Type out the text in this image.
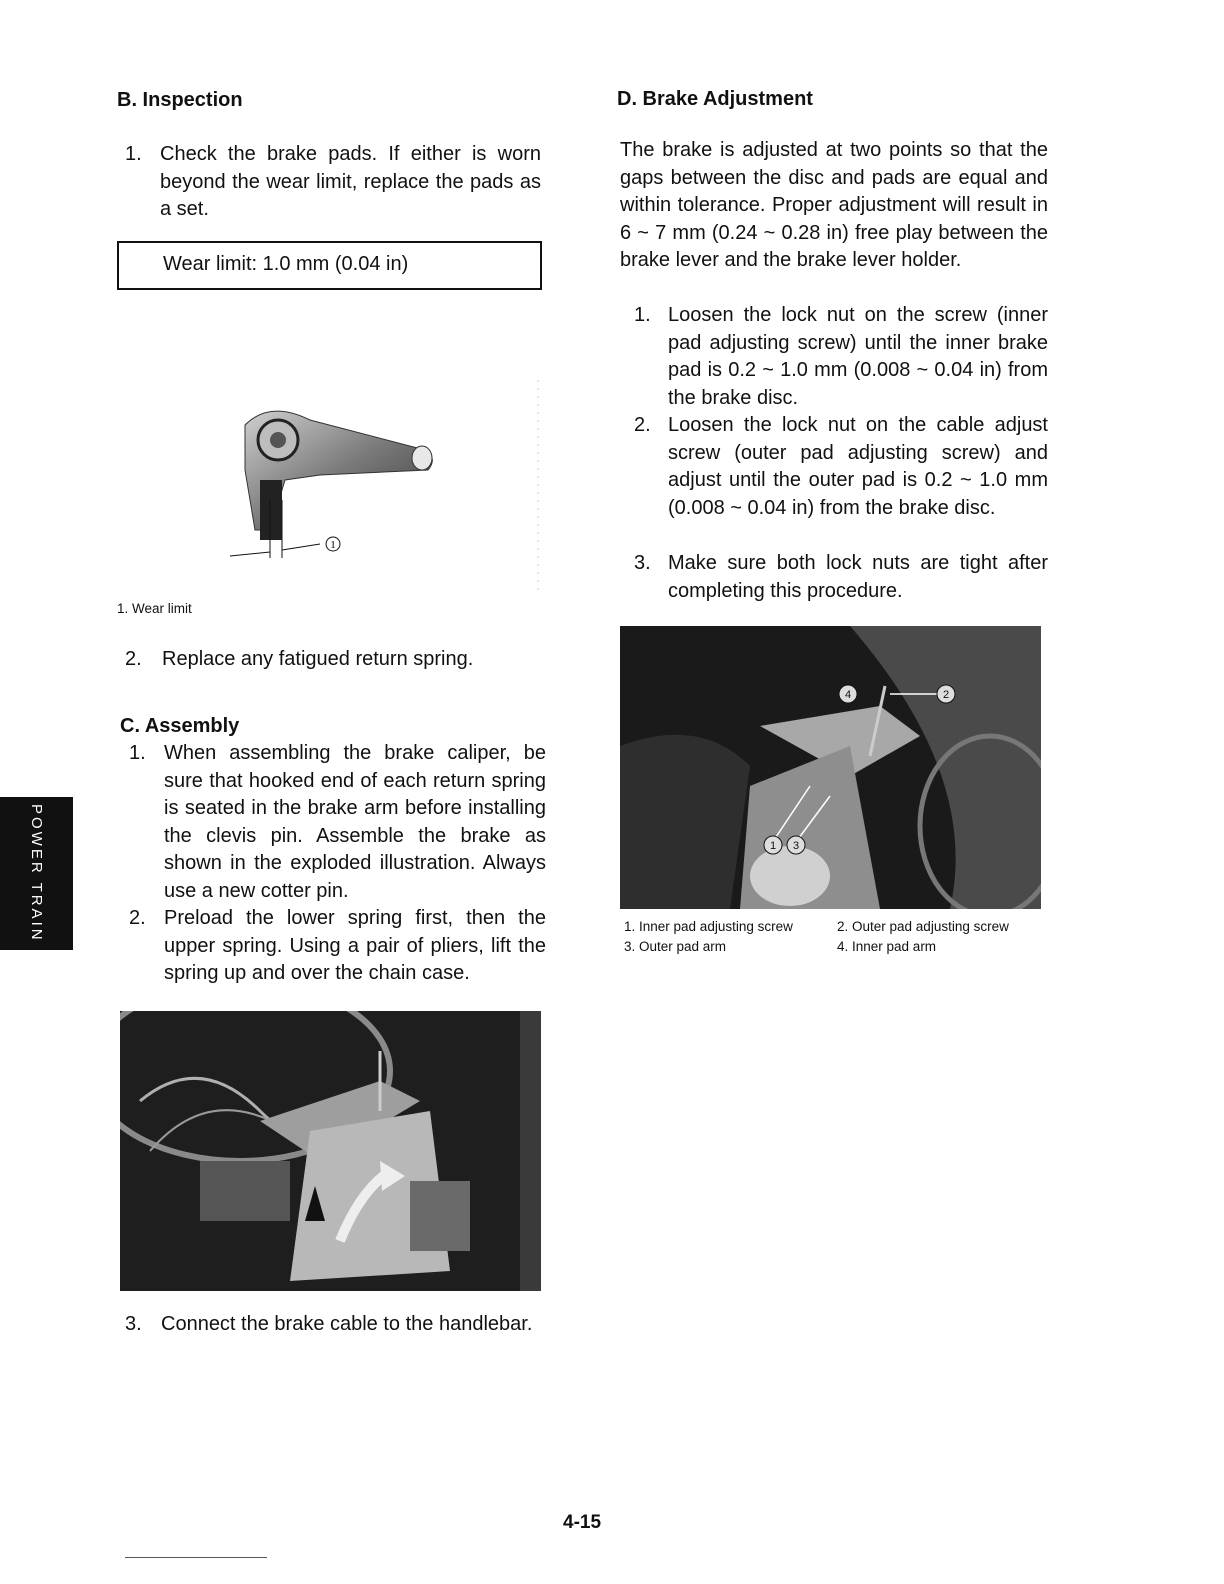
POWER TRAIN
B. Inspection
1. Check the brake pads. If either is worn beyond the wear limit, replace the pads as a set.
Wear limit: 1.0 mm (0.04 in)
1
1. Wear limit
2. Replace any fatigued return spring.
C. Assembly
1. When assembling the brake caliper, be sure that hooked end of each return spring is seated in the brake arm before installing the clevis pin. Assemble the brake as shown in the exploded illustration. Always use a new cotter pin.
2. Preload the lower spring first, then the upper spring. Using a pair of pliers, lift the spring up and over the chain case.
3. Connect the brake cable to the handlebar.
D. Brake Adjustment
The brake is adjusted at two points so that the gaps between the disc and pads are equal and within tolerance. Proper adjustment will result in 6 ~ 7 mm (0.24 ~ 0.28 in) free play between the brake lever and the brake lever holder.
1. Loosen the lock nut on the screw (inner pad adjusting screw) until the inner brake pad is 0.2 ~ 1.0 mm (0.008 ~ 0.04 in) from the brake disc.
2. Loosen the lock nut on the cable adjust screw (outer pad adjusting screw) and adjust until the outer pad is 0.2 ~ 1.0 mm (0.008 ~ 0.04 in) from the brake disc.
3. Make sure both lock nuts are tight after completing this procedure.
4	2
1 3
1. Inner pad adjusting screw	2. Outer pad adjusting screw
3. Outer pad arm	4. Inner pad arm
4-15
